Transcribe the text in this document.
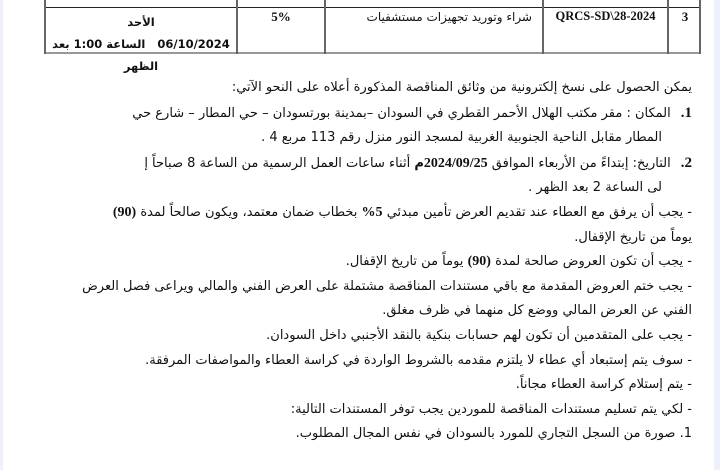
3
QRCS-SD\28-2024
شراء وتوريد تجهيزات مستشفيات
5%
الأحد
06/10/2024   الساعة 1:00 بعد الظهر
يمكن الحصول على نسخ إلكترونية من وثائق المناقصة المذكورة أعلاه على النحو الآتي:
1.المكان : مقر مكتب الهلال الأحمر القطري في السودان –بمدينة بورتسودان – حي المطار – شارع حي
المطار مقابل الناحية الجنوبية الغربية لمسجد النور منزل رقم 113 مربع 4 .
2.التاريخ: إبتداءً من الأربعاء الموافق 2024/09/25م أثناء ساعات العمل الرسمية من الساعة 8 صباحاً إ
لى الساعة 2 بعد الظهر .
- يجب أن يرفق مع العطاء عند تقديم العرض تأمين مبدئي 5% بخطاب ضمان معتمد، ويكون صالحاً لمدة (90)
يوماً من تاريخ الإقفال.
- يجب أن تكون العروض صالحة لمدة (90) يوماً من تاريخ الإقفال.
- يجب ختم العروض المقدمة مع باقي مستندات المناقصة مشتملة على العرض الفني والمالي ويراعى فصل العرض
الفني عن العرض المالي ووضع كل منهما في ظرف مغلق.
- يجب على المتقدمين أن تكون لهم حسابات بنكية بالنقد الأجنبي داخل السودان.
- سوف يتم إستبعاد أي عطاء لا يلتزم مقدمه بالشروط الواردة في كراسة العطاء والمواصفات المرفقة.
- يتم إستلام كراسة العطاء مجاناً.
- لكي يتم تسليم مستندات المناقصة للموردين يجب توفر المستندات التالية:
1. صورة من السجل التجاري للمورد بالسودان في نفس المجال المطلوب.
